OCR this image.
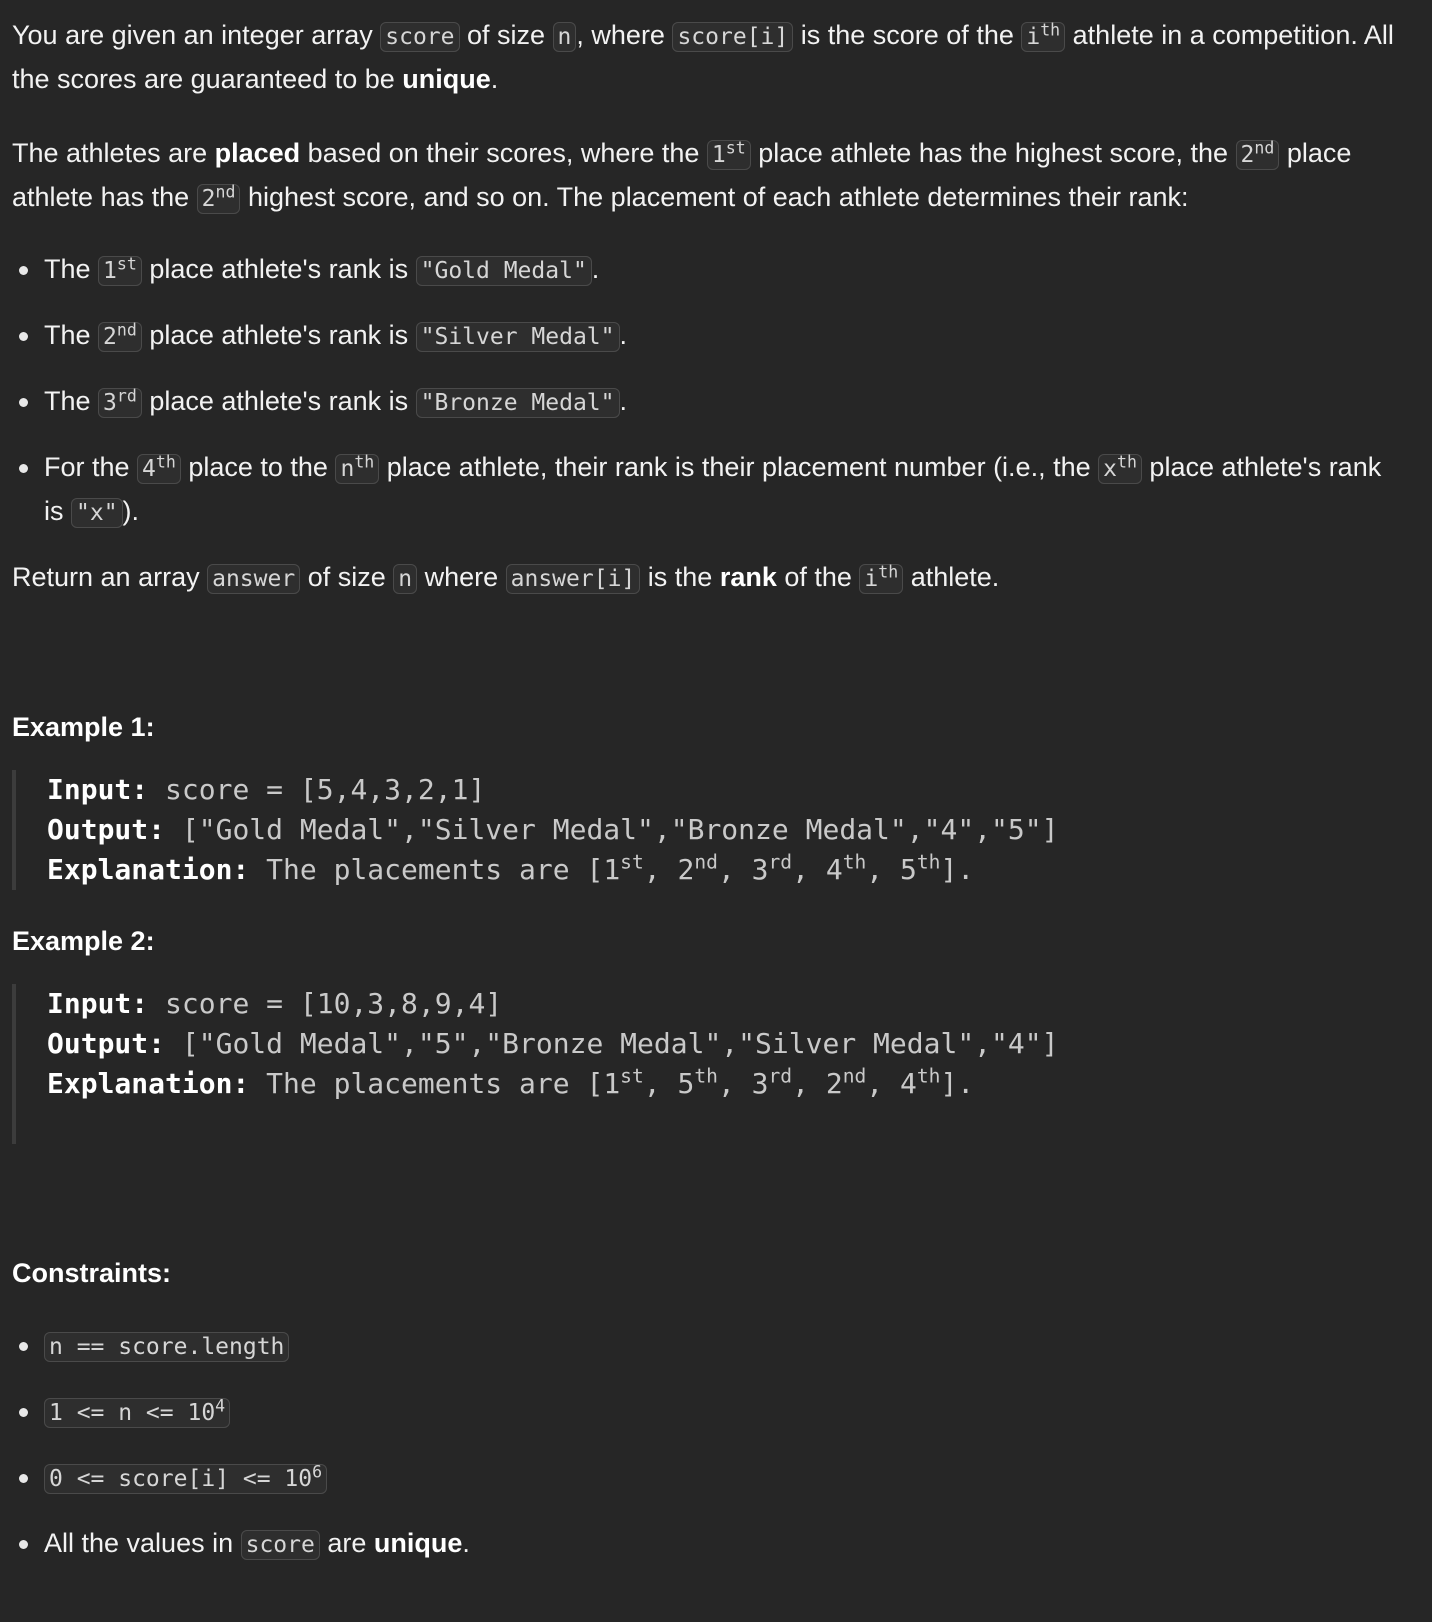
You are given an integer array score of size n , where score[i] is the score of the $i^{th}$ athlete in a competition. All the scores are guaranteed to be unique.

The athletes are placed based on their scores, where the 1st place athlete has the highest score, the 2nd place athlete has the 2nd highest score, and so on. The placement of each athlete determines their rank:

The 1st place athlete's rank is "Gold Medal" .
The 2nd place athlete's rank is "Silver Medal" .
The 3rd place athlete's rank is "Bronze Medal" .
For the 4th place to the $n^{th}$ place athlete, their rank is their placement number (i.e., the $x^{th}$ place athlete's rank is "x" ).

Return an array answer of size n where answer[i] is the rank of the $i^{th}$ athlete.

Example 1:
Input: score = [5,4,3,2,1]
Output: ["Gold Medal","Silver Medal","Bronze Medal","4","5"]
Explanation: The placements are [1st, 2nd, 3rd, 4th, 5th].
Example 2:
Input: score = [10,3,8,9,4]
Output: ["Gold Medal","5","Bronze Medal","Silver Medal","4"]
Explanation: The placements are [1st, 5th, 3rd, 2nd, 4th].
Constraints:
n == score.length
$1 <= n <= 10^4$
0 <= score[i] <= $10^6$
All the values in score are unique.
